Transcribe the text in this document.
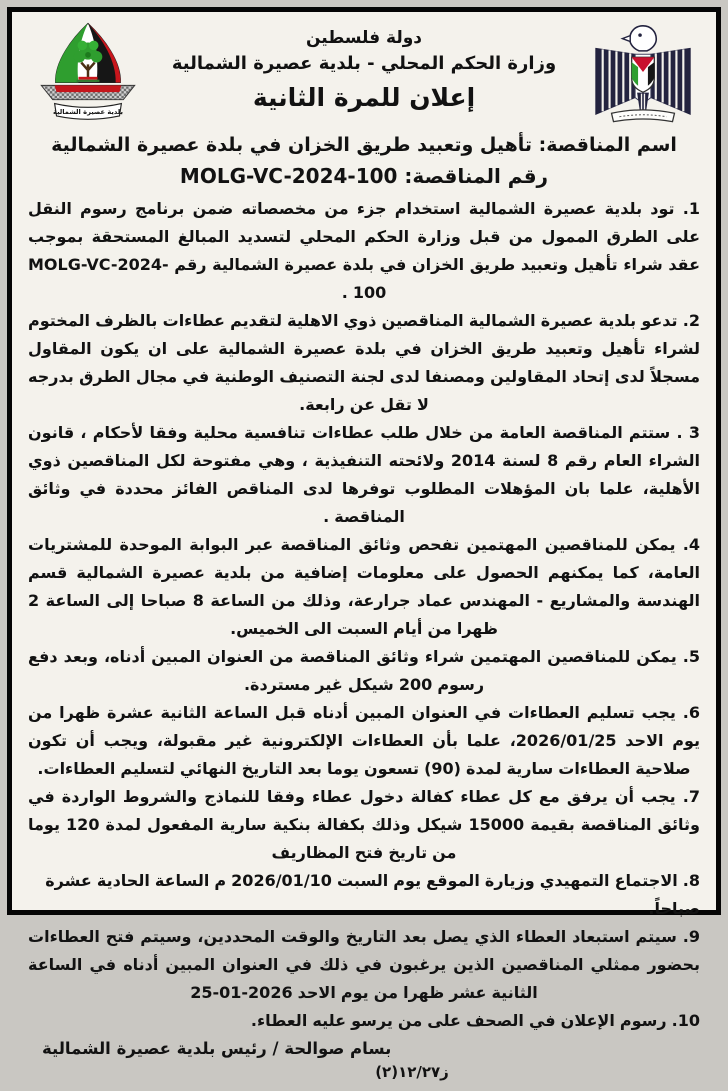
بلدية عصيرة الشمالية
دولة فلسطين
وزارة الحكم المحلي - بلدية عصيرة الشمالية
إعلان للمرة الثانية
اسم المناقصة: تأهيل وتعبيد طريق الخزان في بلدة عصيرة الشمالية
رقم المناقصة: MOLG-VC-2024-100

1. تود بلدية عصيرة الشمالية استخدام جزء من مخصصاته ضمن برنامج رسوم النقل على الطرق الممول من قبل وزارة الحكم المحلي لتسديد المبالغ المستحقة بموجب عقد شراء تأهيل وتعبيد طريق الخزان في بلدة عصيرة الشمالية رقم MOLG-VC-2024-100 .

2. تدعو بلدية عصيرة الشمالية المناقصين ذوي الاهلية لتقديم عطاءات بالظرف المختوم لشراء تأهيل وتعبيد طريق الخزان في بلدة عصيرة الشمالية على ان يكون المقاول مسجلاً لدى إتحاد المقاولين ومصنفا لدى لجنة التصنيف الوطنية في مجال الطرق بدرجه لا تقل عن رابعة.

3 . ستتم المناقصة العامة من خلال طلب عطاءات تنافسية محلية وفقا لأحكام ، قانون الشراء العام رقم 8 لسنة 2014 ولائحته التنفيذية ، وهي مفتوحة لكل المناقصين ذوي الأهلية، علما بان المؤهلات المطلوب توفرها لدى المناقص الفائز محددة في وثائق المناقصة .

4. يمكن للمناقصين المهتمين تفحص وثائق المناقصة عبر البوابة الموحدة للمشتريات العامة، كما يمكنهم الحصول على معلومات إضافية من بلدية عصيرة الشمالية قسم الهندسة والمشاريع - المهندس عماد جرارعة، وذلك من الساعة 8 صباحا إلى الساعة 2 ظهرا من أيام السبت الى الخميس.

5. يمكن للمناقصين المهتمين شراء وثائق المناقصة من العنوان المبين أدناه، وبعد دفع رسوم 200 شيكل غير مستردة.

6. يجب تسليم العطاءات في العنوان المبين أدناه قبل الساعة الثانية عشرة ظهرا من يوم الاحد 2026/01/25، علما بأن العطاءات الإلكترونية غير مقبولة، ويجب أن تكون صلاحية العطاءات سارية لمدة (90) تسعون يوما بعد التاريخ النهائي لتسليم العطاءات.

7. يجب أن يرفق مع كل عطاء كفالة دخول عطاء وفقا للنماذج والشروط الواردة في وثائق المناقصة بقيمة 15000 شيكل وذلك بكفالة بنكية سارية المفعول لمدة 120 يوما من تاريخ فتح المظاريف

8. الاجتماع التمهيدي وزيارة الموقع يوم السبت 2026/01/10 م الساعة الحادية عشرة صباحاً.

9. سيتم استبعاد العطاء الذي يصل بعد التاريخ والوقت المحددين، وسيتم فتح العطاءات بحضور ممثلي المناقصين الذين يرغبون في ذلك في العنوان المبين أدناه في الساعة الثانية عشر ظهرا من يوم الاحد 2026-01-25

10. رسوم الإعلان في الصحف على من يرسو عليه العطاء.

بسام صوالحة / رئيس بلدية عصيرة الشمالية
ز١٢/٢٧(٢)
